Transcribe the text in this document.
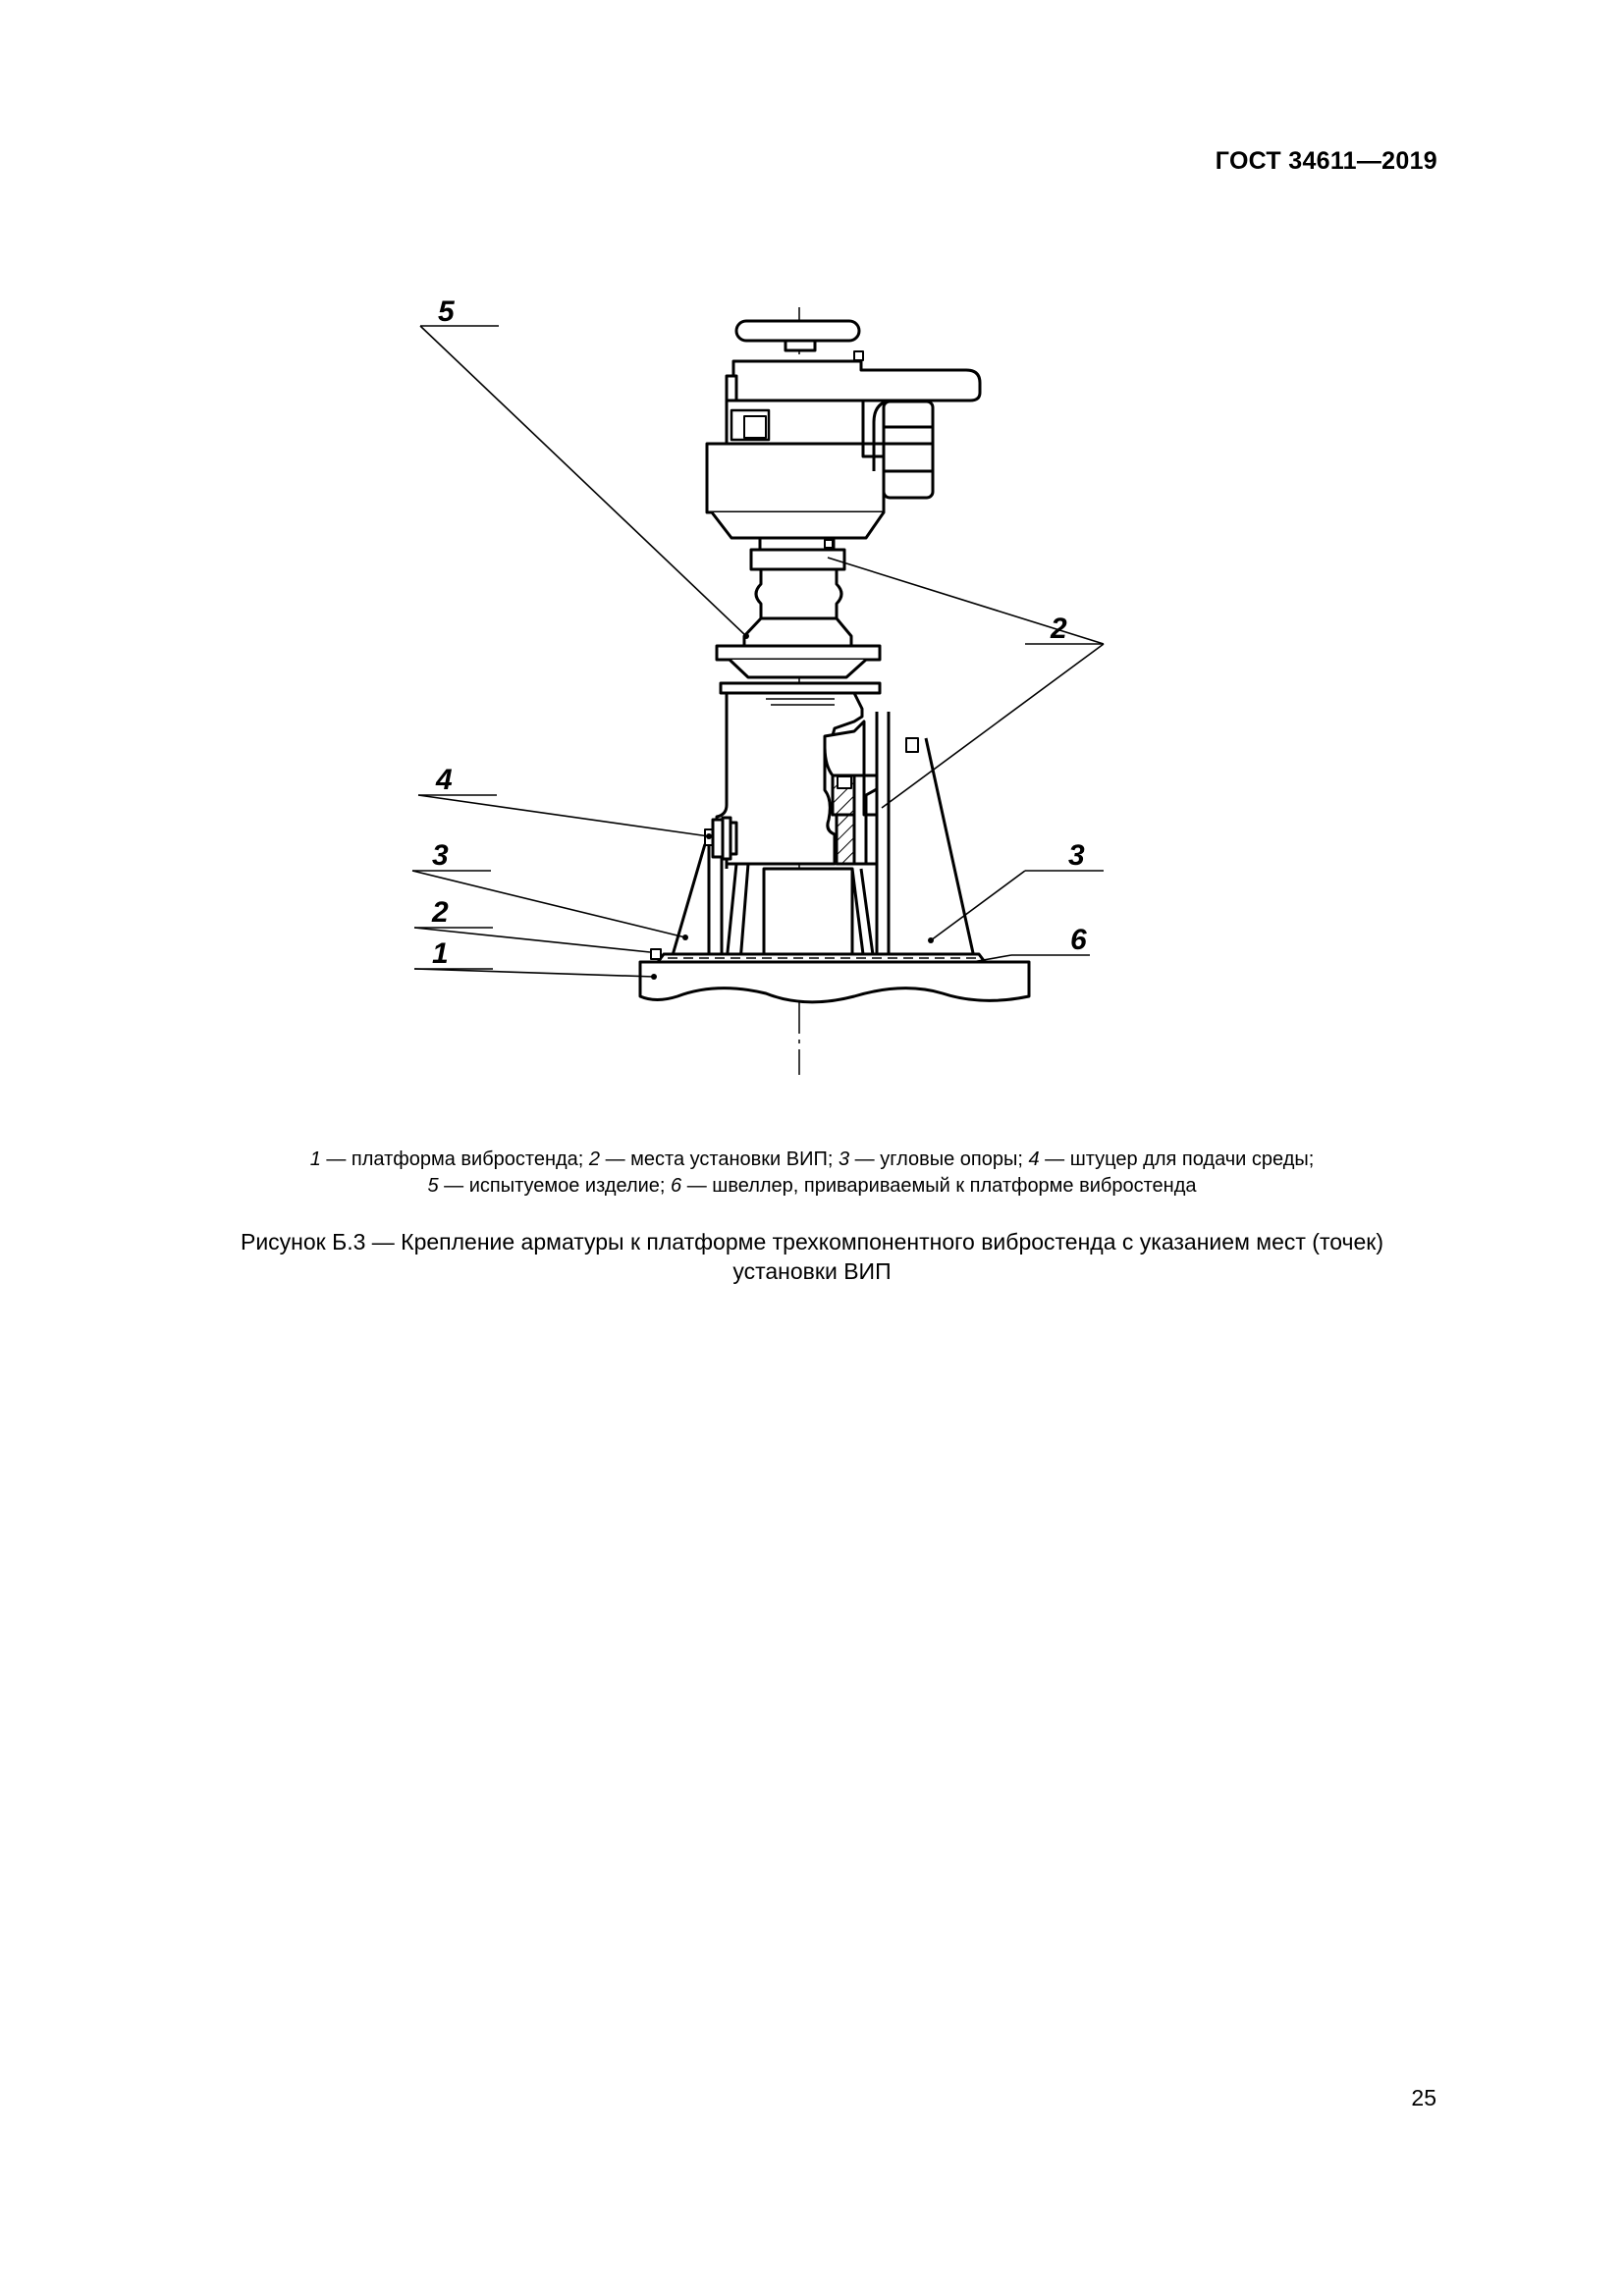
ГОСТ 34611—2019
5
2
4
3	3
2
6
1
1 — платформа вибростенда; 2 — места установки ВИП; 3 — угловые опоры; 4 — штуцер для подачи среды;
5 — испытуемое изделие; 6 — швеллер, привариваемый к платформе вибростенда
Рисунок Б.3 — Крепление арматуры к платформе трехкомпонентного вибростенда с указанием мест (точек)
установки ВИП
25
